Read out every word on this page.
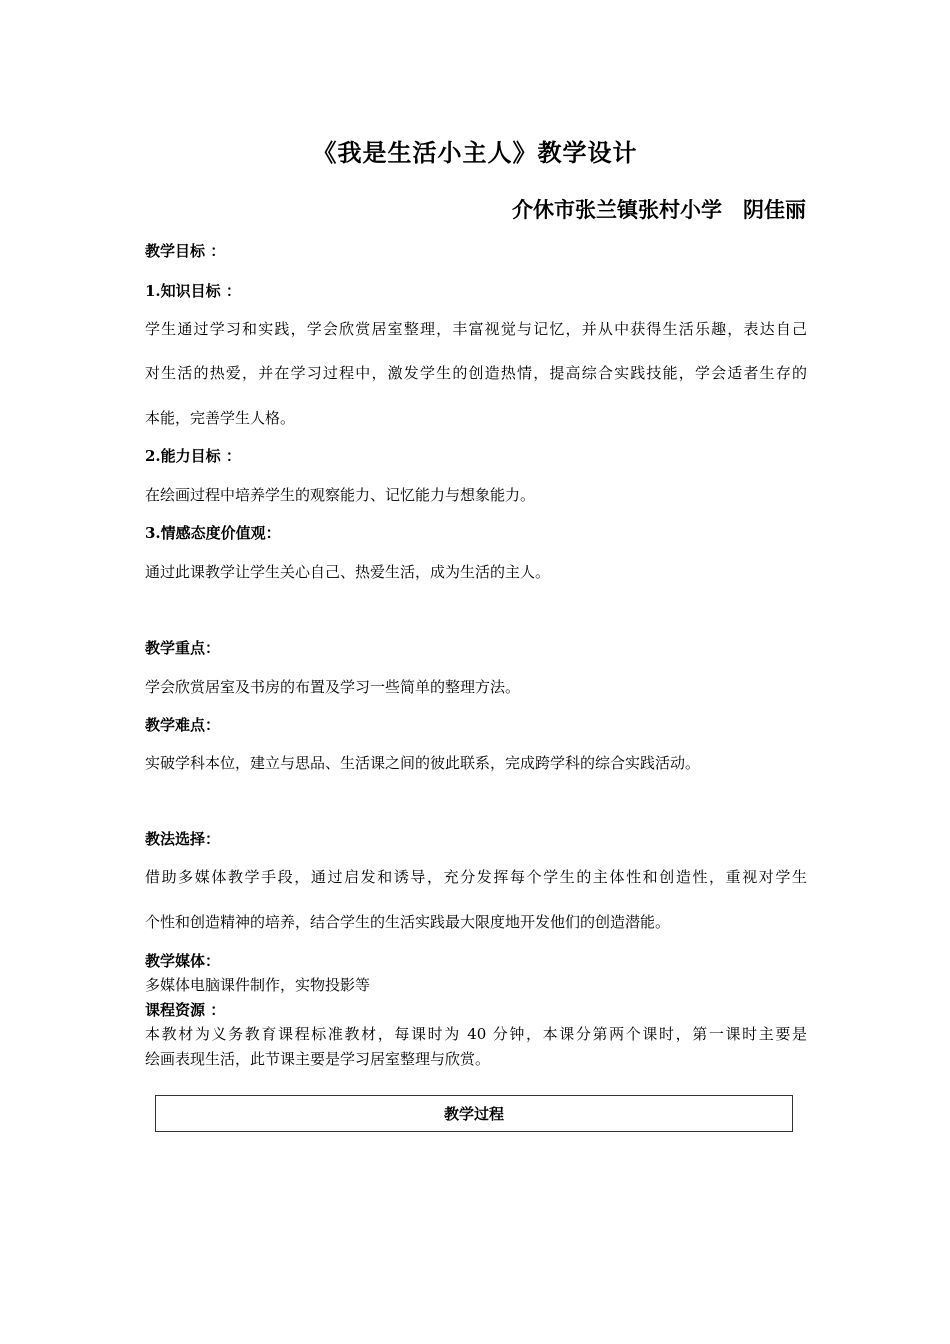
《我是生活小主人》教学设计
介休市张兰镇张村小学　阴佳丽
教学目标 ：
1.知识目标 ：
学生通过学习和实践，学会欣赏居室整理，丰富视觉与记忆，并从中获得生活乐趣，表达自己
对生活的热爱，并在学习过程中，激发学生的创造热情，提高综合实践技能，学会适者生存的
本能，完善学生人格。
2.能力目标 ：
在绘画过程中培养学生的观察能力、记忆能力与想象能力。
3.情感态度价值观：
通过此课教学让学生关心自己、热爱生活，成为生活的主人。
教学重点：
学会欣赏居室及书房的布置及学习一些简单的整理方法。
教学难点：
实破学科本位，建立与思品、生活课之间的彼此联系，完成跨学科的综合实践活动。
教法选择：
借助多媒体教学手段，通过启发和诱导，充分发挥每个学生的主体性和创造性，重视对学生
个性和创造精神的培养，结合学生的生活实践最大限度地开发他们的创造潜能。
教学媒体：
多媒体电脑课件制作，实物投影等
课程资源 ：
本教材为义务教育课程标准教材，每课时为 40 分钟，本课分第两个课时，第一课时主要是
绘画表现生活，此节课主要是学习居室整理与欣赏。
教学过程
